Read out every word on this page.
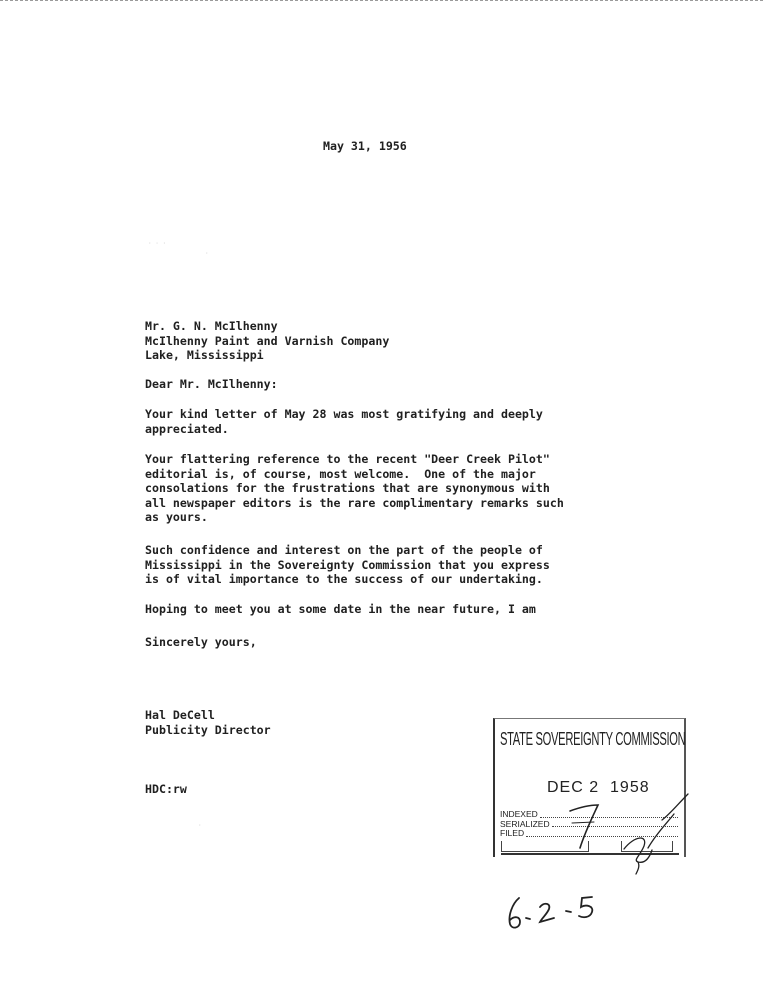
May 31, 1956
Mr. G. N. McIlhenny
McIlhenny Paint and Varnish Company
Lake, Mississippi
Dear Mr. McIlhenny:
Your kind letter of May 28 was most gratifying and deeply
appreciated.
Your flattering reference to the recent "Deer Creek Pilot"
editorial is, of course, most welcome.  One of the major
consolations for the frustrations that are synonymous with
all newspaper editors is the rare complimentary remarks such
as yours.
Such confidence and interest on the part of the people of
Mississippi in the Sovereignty Commission that you express
is of vital importance to the success of our undertaking.
Hoping to meet you at some date in the near future, I am
Sincerely yours,
Hal DeCell
Publicity Director
HDC:rw
· · ·
·
·
STATE SOVEREIGNTY COMMISSION
DEC 2  1958
INDEXED
SERIALIZED
FILED
